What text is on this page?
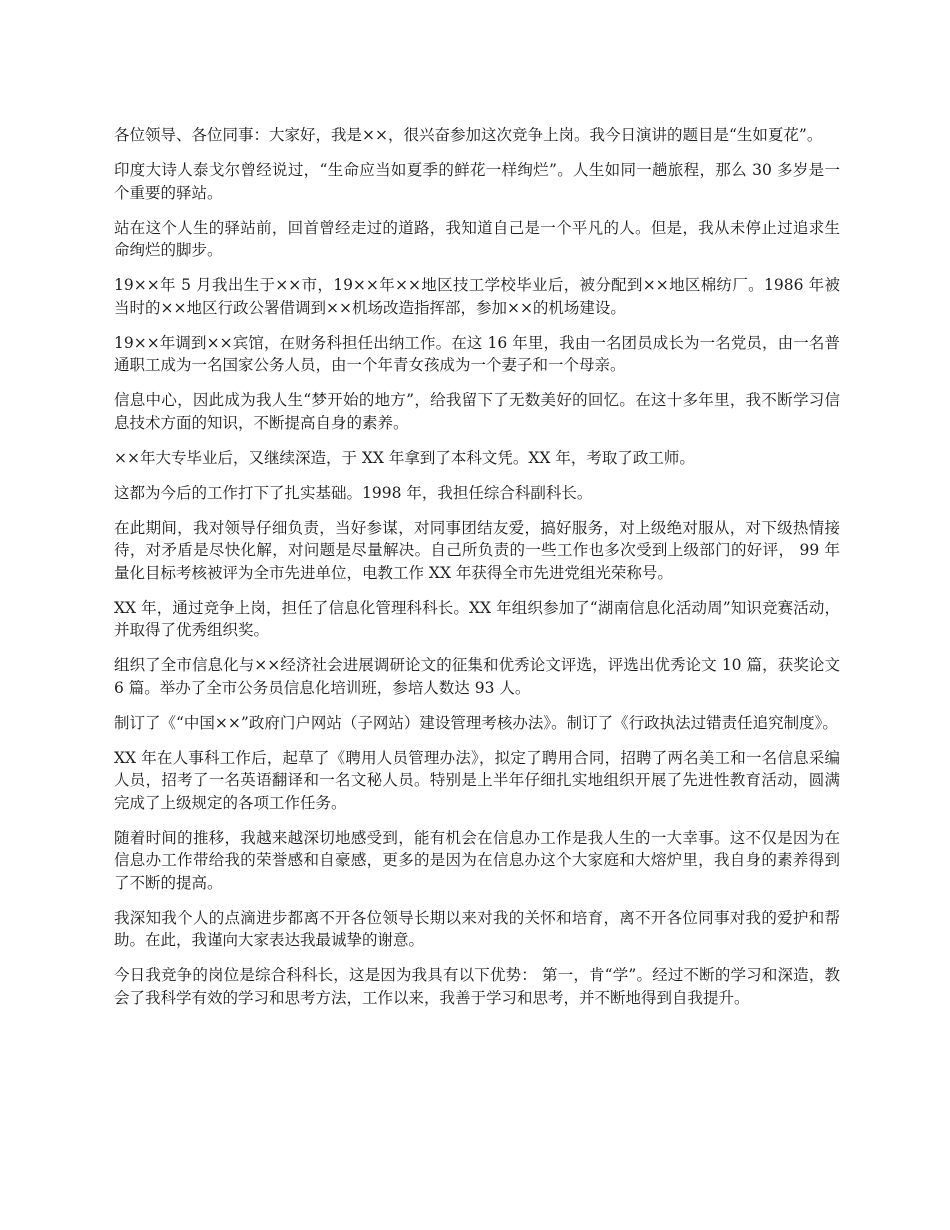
各位领导、各位同事：大家好，我是××，很兴奋参加这次竞争上岗。我今日演讲的题目是“生如夏花”。

印度大诗人泰戈尔曾经说过，“生命应当如夏季的鲜花一样绚烂”。人生如同一趟旅程，那么 30 多岁是一个重要的驿站。

站在这个人生的驿站前，回首曾经走过的道路，我知道自己是一个平凡的人。但是，我从未停止过追求生命绚烂的脚步。

19××年 5 月我出生于××市，19××年××地区技工学校毕业后，被分配到××地区棉纺厂。1986 年被当时的××地区行政公署借调到××机场改造指挥部，参加××的机场建设。

19××年调到××宾馆，在财务科担任出纳工作。在这 16 年里，我由一名团员成长为一名党员，由一名普通职工成为一名国家公务人员，由一个年青女孩成为一个妻子和一个母亲。

信息中心，因此成为我人生“梦开始的地方”，给我留下了无数美好的回忆。在这十多年里，我不断学习信息技术方面的知识，不断提高自身的素养。

××年大专毕业后，又继续深造，于 XX 年拿到了本科文凭。XX 年，考取了政工师。

这都为今后的工作打下了扎实基础。1998 年，我担任综合科副科长。

在此期间，我对领导仔细负责，当好参谋，对同事团结友爱，搞好服务，对上级绝对服从，对下级热情接待，对矛盾是尽快化解，对问题是尽量解决。自己所负责的一些工作也多次受到上级部门的好评， 99 年量化目标考核被评为全市先进单位，电教工作 XX 年获得全市先进党组光荣称号。

XX 年，通过竞争上岗，担任了信息化管理科科长。XX 年组织参加了“湖南信息化活动周”知识竞赛活动，并取得了优秀组织奖。

组织了全市信息化与××经济社会进展调研论文的征集和优秀论文评选，评选出优秀论文 10 篇，获奖论文 6 篇。举办了全市公务员信息化培训班，参培人数达 93 人。

制订了《“中国××”政府门户网站（子网站）建设管理考核办法》。制订了《行政执法过错责任追究制度》。

XX 年在人事科工作后，起草了《聘用人员管理办法》，拟定了聘用合同，招聘了两名美工和一名信息采编人员，招考了一名英语翻译和一名文秘人员。特别是上半年仔细扎实地组织开展了先进性教育活动，圆满完成了上级规定的各项工作任务。

随着时间的推移，我越来越深切地感受到，能有机会在信息办工作是我人生的一大幸事。这不仅是因为在信息办工作带给我的荣誉感和自豪感，更多的是因为在信息办这个大家庭和大熔炉里，我自身的素养得到了不断的提高。

我深知我个人的点滴进步都离不开各位领导长期以来对我的关怀和培育，离不开各位同事对我的爱护和帮助。在此，我谨向大家表达我最诚挚的谢意。

今日我竞争的岗位是综合科科长，这是因为我具有以下优势： 第一，肯“学”。经过不断的学习和深造，教会了我科学有效的学习和思考方法，工作以来，我善于学习和思考，并不断地得到自我提升。
